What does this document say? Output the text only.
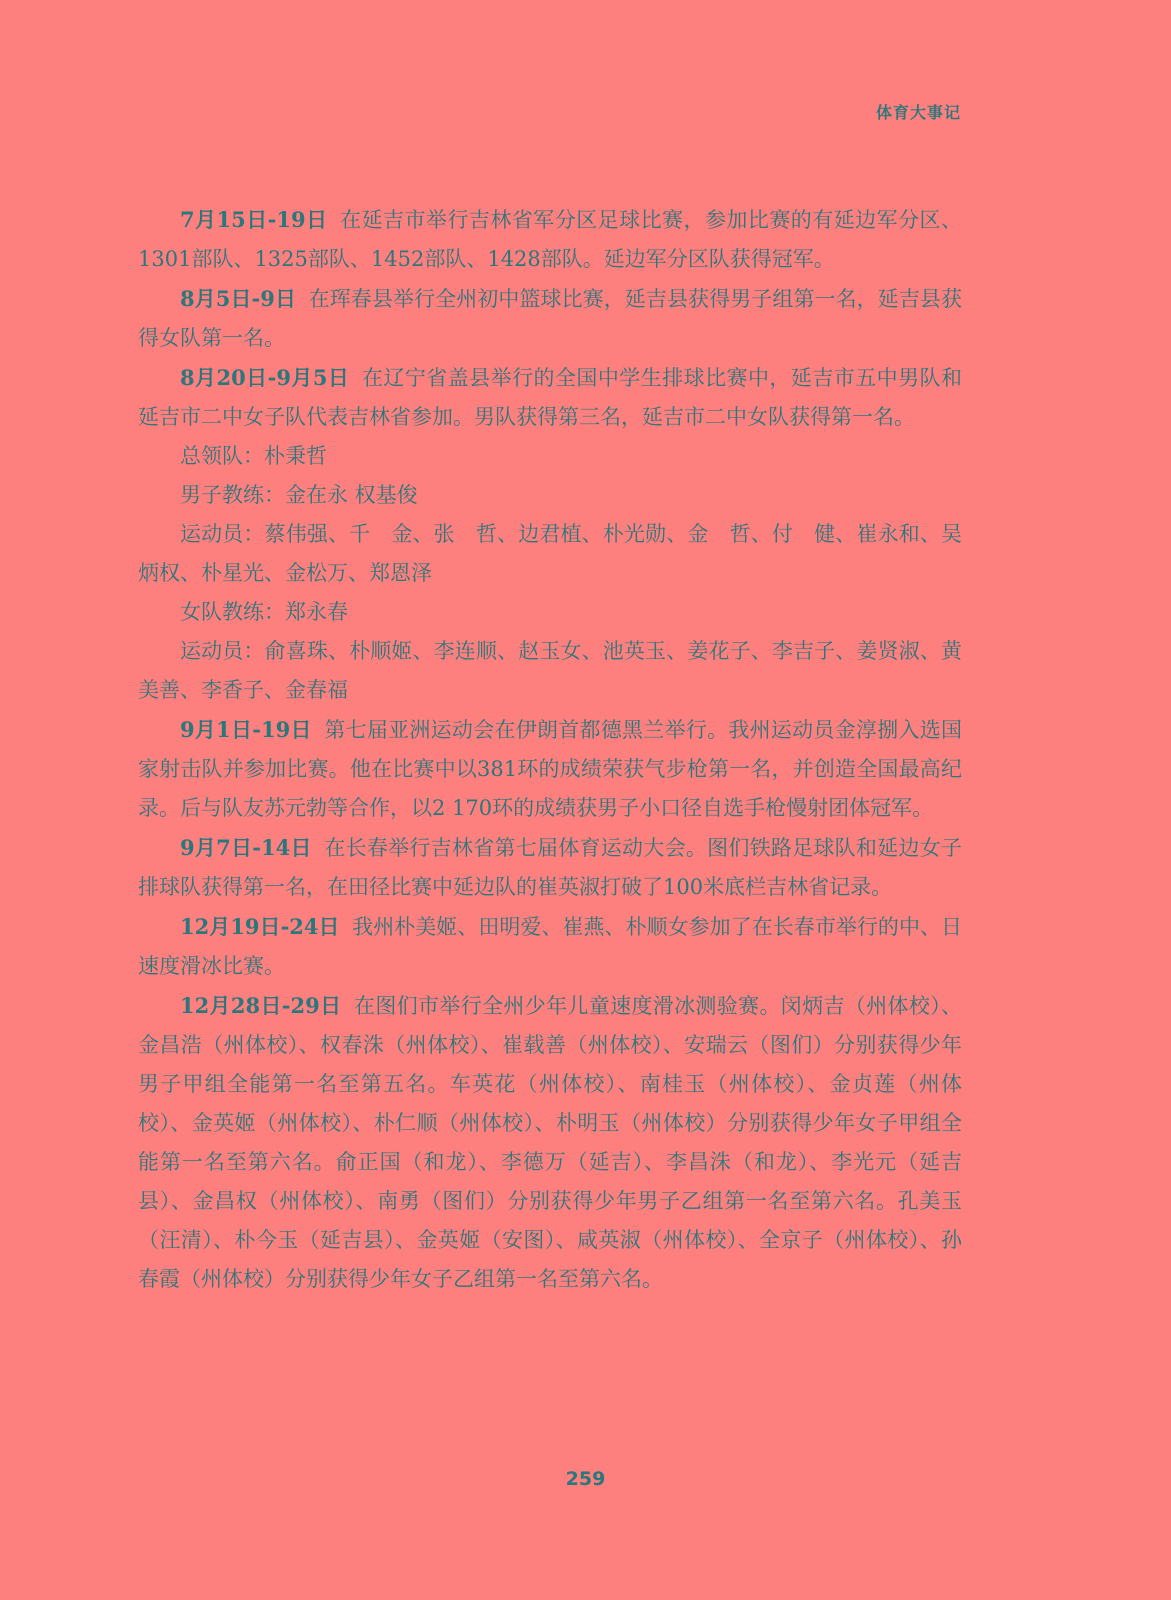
体育大事记

7月15日-19日 在延吉市举行吉林省军分区足球比赛，参加比赛的有延边军分区、1301部队、1325部队、1452部队、1428部队。延边军分区队获得冠军。

8月5日-9日 在珲春县举行全州初中篮球比赛，延吉县获得男子组第一名，延吉县获得女队第一名。

8月20日-9月5日 在辽宁省盖县举行的全国中学生排球比赛中，延吉市五中男队和延吉市二中女子队代表吉林省参加。男队获得第三名，延吉市二中女队获得第一名。

总领队：朴秉哲

男子教练：金在永 权基俊

运动员：蔡伟强、千　金、张　哲、边君植、朴光勋、金　哲、付　健、崔永和、吴炳权、朴星光、金松万、郑恩泽

女队教练：郑永春

运动员：俞喜珠、朴顺姬、李连顺、赵玉女、池英玉、姜花子、李吉子、姜贤淑、黄美善、李香子、金春福

9月1日-19日 第七届亚洲运动会在伊朗首都德黑兰举行。我州运动员金淳捌入选国家射击队并参加比赛。他在比赛中以381环的成绩荣获气步枪第一名，并创造全国最高纪录。后与队友苏元勃等合作，以2 170环的成绩获男子小口径自选手枪慢射团体冠军。

9月7日-14日 在长春举行吉林省第七届体育运动大会。图们铁路足球队和延边女子排球队获得第一名，在田径比赛中延边队的崔英淑打破了100米底栏吉林省记录。

12月19日-24日 我州朴美姬、田明爱、崔燕、朴顺女参加了在长春市举行的中、日速度滑冰比赛。

12月28日-29日 在图们市举行全州少年儿童速度滑冰测验赛。闵炳吉（州体校）、金昌浩（州体校）、权春洙（州体校）、崔载善（州体校）、安瑞云（图们）分别获得少年男子甲组全能第一名至第五名。车英花（州体校）、南桂玉（州体校）、金贞莲（州体校）、金英姬（州体校）、朴仁顺（州体校）、朴明玉（州体校）分别获得少年女子甲组全能第一名至第六名。俞正国（和龙）、李德万（延吉）、李昌洙（和龙）、李光元（延吉县）、金昌权（州体校）、南勇（图们）分别获得少年男子乙组第一名至第六名。孔美玉（汪清）、朴今玉（延吉县）、金英姬（安图）、咸英淑（州体校）、全京子（州体校）、孙春霞（州体校）分别获得少年女子乙组第一名至第六名。

259
